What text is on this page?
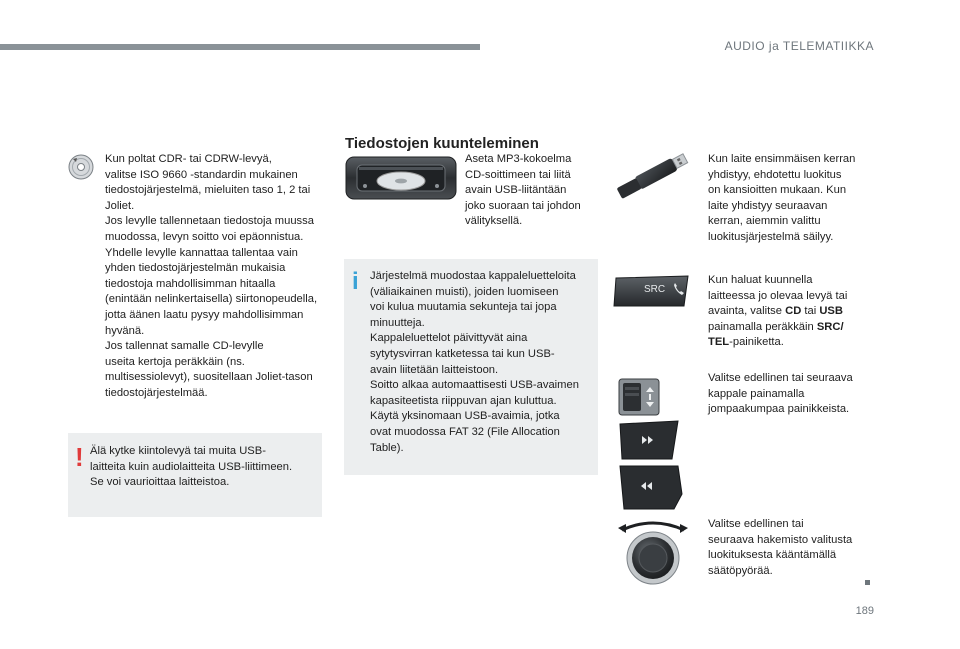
AUDIO ja TELEMATIIKKA
Kun poltat CDR- tai CDRW-levyä,
valitse ISO 9660 -standardin mukainen
tiedostojärjestelmä, mieluiten taso 1, 2 tai
Joliet.
Jos levylle tallennetaan tiedostoja muussa
muodossa, levyn soitto voi epäonnistua.
Yhdelle levylle kannattaa tallentaa vain
yhden tiedostojärjestelmän mukaisia
tiedostoja mahdollisimman hitaalla
(enintään nelinkertaisella) siirtonopeudella,
jotta äänen laatu pysyy mahdollisimman
hyvänä.
Jos tallennat samalle CD-levylle
useita kertoja peräkkäin (ns.
multisessiolevyt), suositellaan Joliet-tason
tiedostojärjestelmää.
! Älä kytke kiintolevyä tai muita USB-
laitteita kuin audiolaitteita USB-liittimeen.
Se voi vaurioittaa laitteistoa.
Tiedostojen kuunteleminen
Aseta MP3-kokoelma
CD-soittimeen tai liitä
avain USB-liitäntään
joko suoraan tai johdon
välityksellä.
i Järjestelmä muodostaa kappaleluetteloita
(väliaikainen muisti), joiden luomiseen
voi kulua muutamia sekunteja tai jopa
minuutteja.
Kappaleluettelot päivittyvät aina
sytytysvirran katketessa tai kun USB-
avain liitetään laitteistoon.
Soitto alkaa automaattisesti USB-avaimen
kapasiteetista riippuvan ajan kuluttua.
Käytä yksinomaan USB-avaimia, jotka
ovat muodossa FAT 32 (File Allocation
Table).
Kun laite ensimmäisen kerran
yhdistyy, ehdotettu luokitus
on kansioitten mukaan. Kun
laite yhdistyy seuraavan
kerran, aiemmin valittu
luokitusjärjestelmä säilyy.
SRC
Kun haluat kuunnella
laitteessa jo olevaa levyä tai
avainta, valitse CD tai USB
painamalla peräkkäin SRC/
TEL-painiketta.
Valitse edellinen tai seuraava
kappale painamalla
jompaakumpaa painikkeista.
Valitse edellinen tai
seuraava hakemisto valitusta
luokituksesta kääntämällä
säätöpyörää.
189
